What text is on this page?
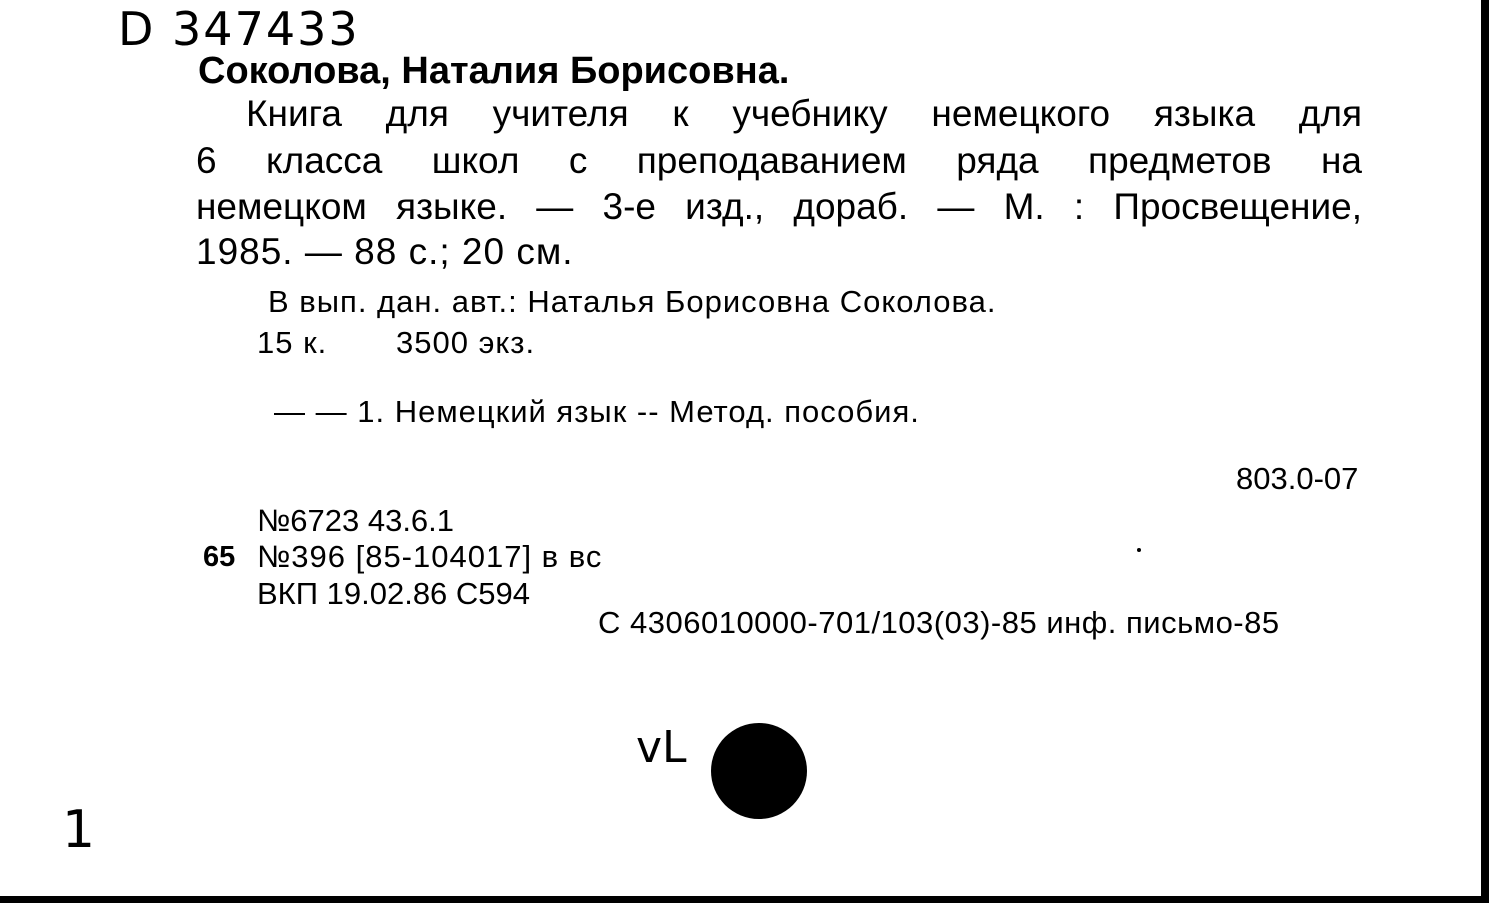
D 347433
Соколова, Наталия Борисовна.
Книга для учителя к учебнику немецкого языка для
6 класса школ с преподаванием ряда предметов на
немецком языке. — 3-е изд., дораб. — М. : Просвещение,
1985. — 88 с.; 20 см.
В вып. дан. авт.: Наталья Борисовна Соколова.
15 к. 3500 экз.
— — 1. Немецкий язык -- Метод. пособия.
803.0-07
№6723 43.6.1
65 №396 [85-104017] в вс
ВКП 19.02.86 С594
С 4306010000-701/103(03)-85 инф. письмо-85
vL
1
